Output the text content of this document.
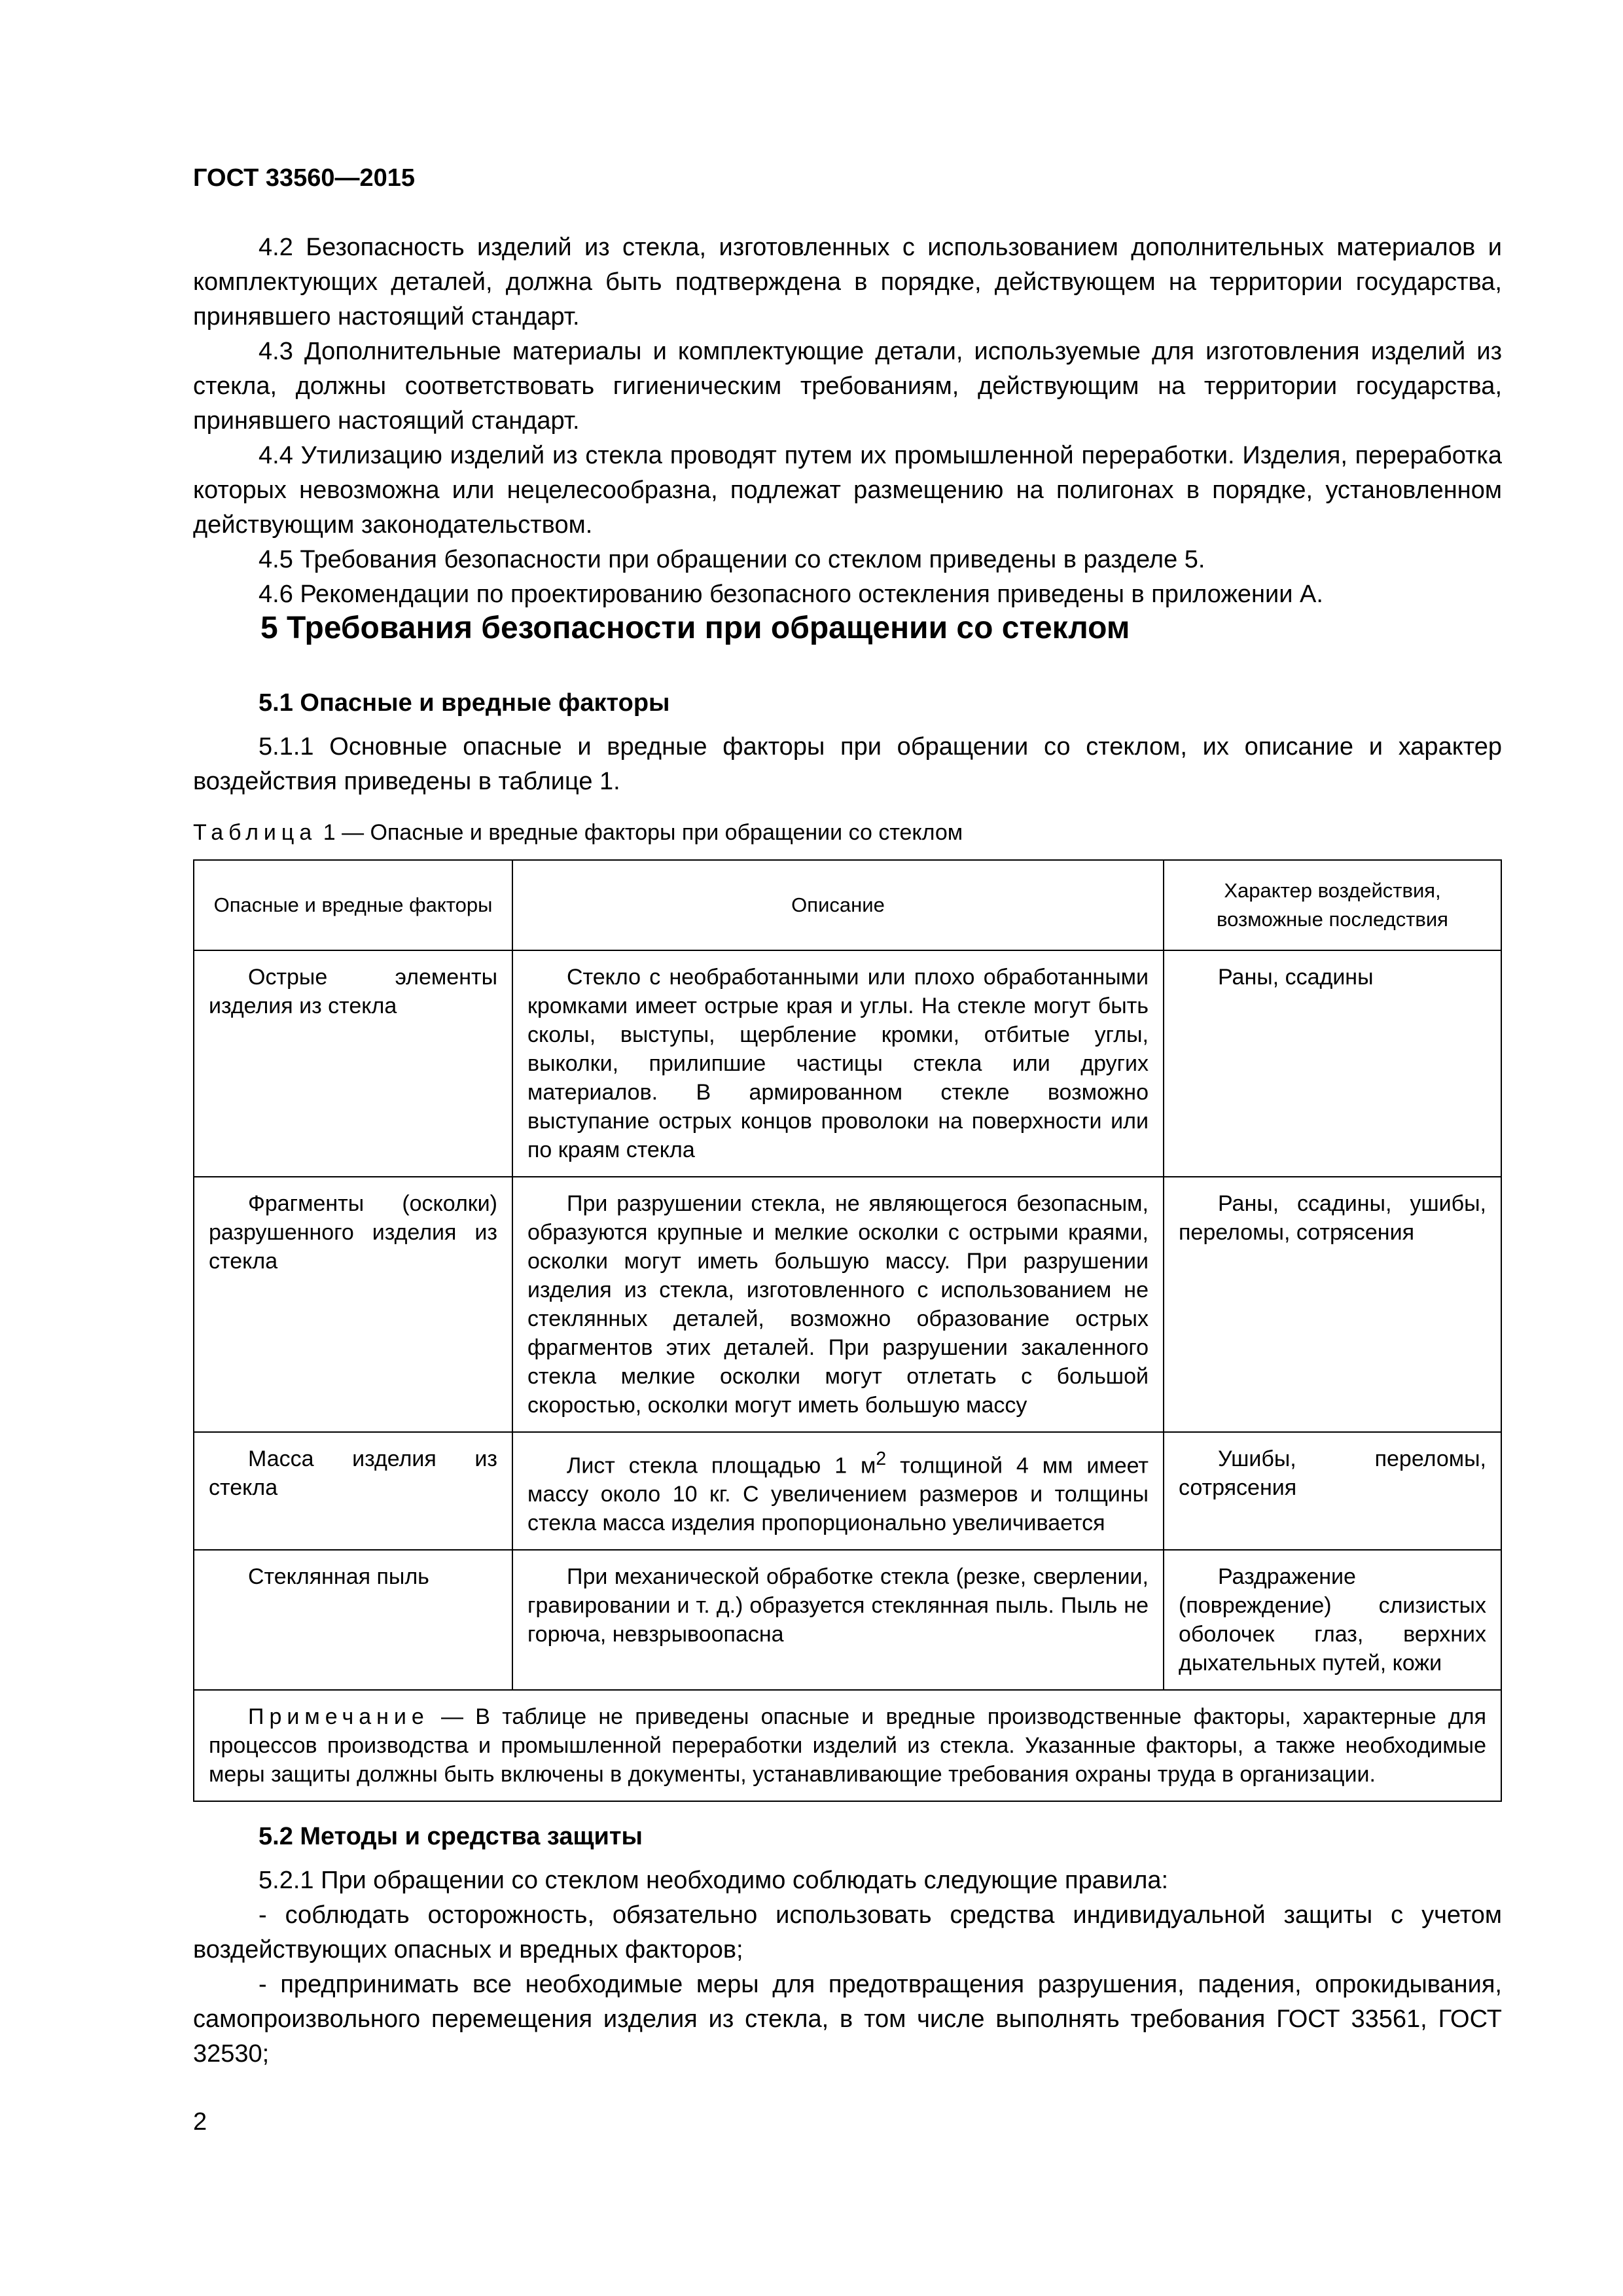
ГОСТ 33560—2015

4.2 Безопасность изделий из стекла, изготовленных с использованием дополнительных материалов и комплектующих деталей, должна быть подтверждена в порядке, действующем на территории государства, принявшего настоящий стандарт.

4.3 Дополнительные материалы и комплектующие детали, используемые для изготовления изделий из стекла, должны соответствовать гигиеническим требованиям, действующим на территории государства, принявшего настоящий стандарт.

4.4 Утилизацию изделий из стекла проводят путем их промышленной переработки. Изделия, переработка которых невозможна или нецелесообразна, подлежат размещению на полигонах в порядке, установленном действующим законодательством.

4.5 Требования безопасности при обращении со стеклом приведены в разделе 5.

4.6 Рекомендации по проектированию безопасного остекления приведены в приложении А.

5 Требования безопасности при обращении со стеклом

5.1 Опасные и вредные факторы

5.1.1 Основные опасные и вредные факторы при обращении со стеклом, их описание и характер воздействия приведены в таблице 1.

Таблица 1 — Опасные и вредные факторы при обращении со стеклом
Опасные и вредные факторы	Описание	Характер воздействия, возможные последствия

Острые элементы изделия из стекла	Стекло с необработанными или плохо обработанными кромками имеет острые края и углы. На стекле могут быть сколы, выступы, щербление кромки, отбитые углы, выколки, прилипшие частицы стекла или других материалов. В армированном стекле возможно выступание острых концов проволоки на поверхности или по краям стекла	Раны, ссадины

Фрагменты (осколки) разрушенного изделия из стекла	При разрушении стекла, не являющегося безопасным, образуются крупные и мелкие осколки с острыми краями, осколки могут иметь большую массу. При разрушении изделия из стекла, изготовленного с использованием не стеклянных деталей, возможно образование острых фрагментов этих деталей. При разрушении закаленного стекла мелкие осколки могут отлетать с большой скоростью, осколки могут иметь большую массу	Раны, ссадины, ушибы, переломы, сотрясения

Масса изделия из стекла	Лист стекла площадью 1 $м^2$ толщиной 4 мм имеет массу около 10 кг. С увеличением размеров и толщины стекла масса изделия пропорционально увеличивается	Ушибы, переломы, сотрясения

Стеклянная пыль	При механической обработке стекла (резке, сверлении, гравировании и т. д.) образуется стеклянная пыль. Пыль не горюча, невзрывоопасна	Раздражение (повреждение) слизистых оболочек глаз, верхних дыхательных путей, кожи

Примечание — В таблице не приведены опасные и вредные производственные факторы, характерные для процессов производства и промышленной переработки изделий из стекла. Указанные факторы, а также необходимые меры защиты должны быть включены в документы, устанавливающие требования охраны труда в организации.		

5.2 Методы и средства защиты

5.2.1 При обращении со стеклом необходимо соблюдать следующие правила:

- соблюдать осторожность, обязательно использовать средства индивидуальной защиты с учетом воздействующих опасных и вредных факторов;

- предпринимать все необходимые меры для предотвращения разрушения, падения, опрокидывания, самопроизвольного перемещения изделия из стекла, в том числе выполнять требования ГОСТ 33561, ГОСТ 32530;

2
